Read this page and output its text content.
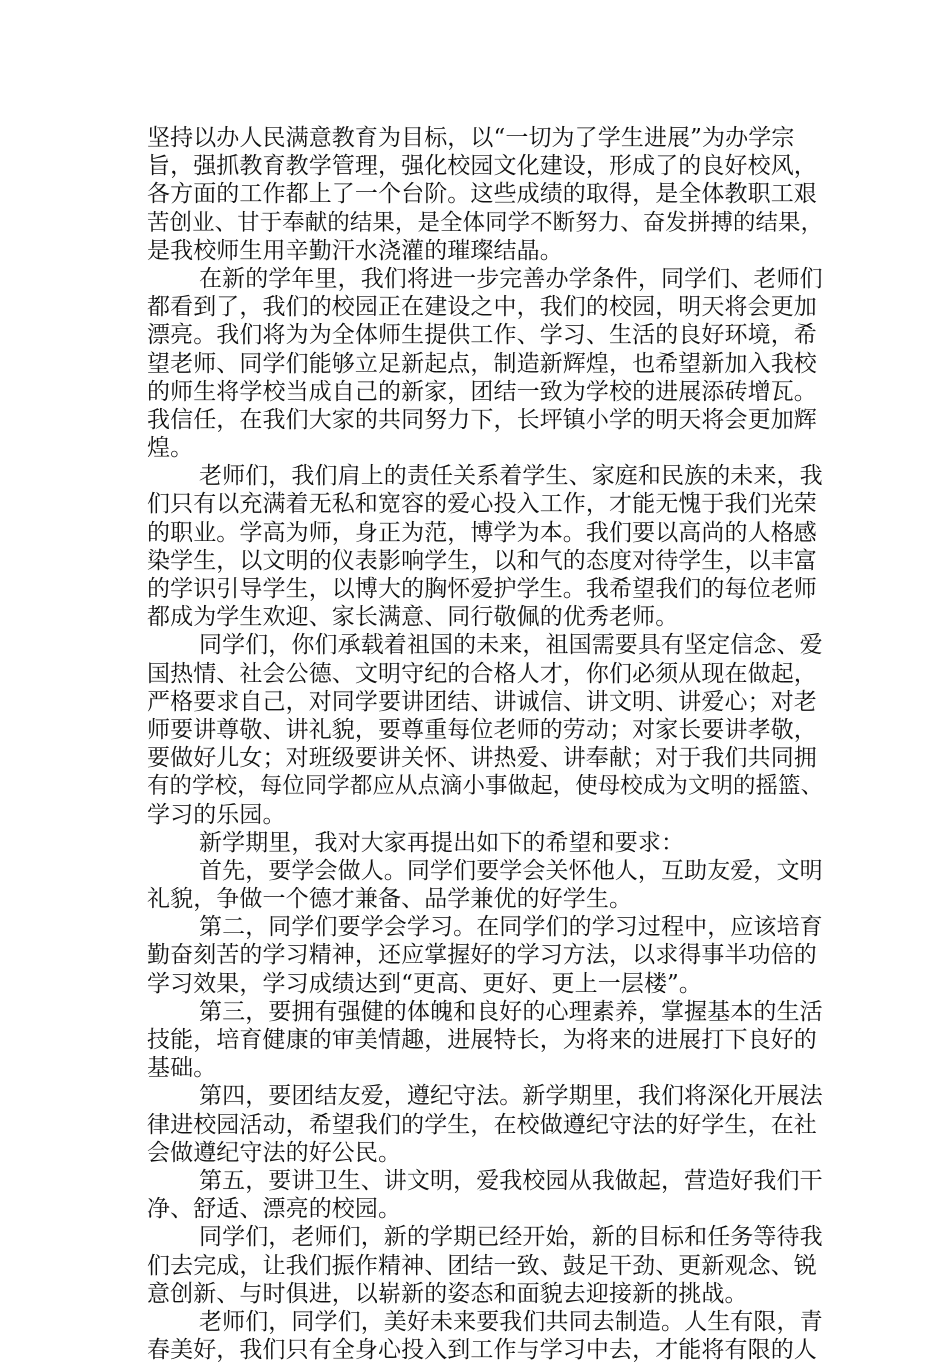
坚持以办人民满意教育为目标，以“一切为了学生进展”为办学宗
旨，强抓教育教学管理，强化校园文化建设，形成了的良好校风，
各方面的工作都上了一个台阶。这些成绩的取得，是全体教职工艰
苦创业、甘于奉献的结果，是全体同学不断努力、奋发拼搏的结果，
是我校师生用辛勤汗水浇灌的璀璨结晶。
在新的学年里，我们将进一步完善办学条件，同学们、老师们
都看到了，我们的校园正在建设之中，我们的校园，明天将会更加
漂亮。我们将为为全体师生提供工作、学习、生活的良好环境，希
望老师、同学们能够立足新起点，制造新辉煌，也希望新加入我校
的师生将学校当成自己的新家，团结一致为学校的进展添砖增瓦。
我信任，在我们大家的共同努力下，长坪镇小学的明天将会更加辉
煌。
老师们，我们肩上的责任关系着学生、家庭和民族的未来，我
们只有以充满着无私和宽容的爱心投入工作，才能无愧于我们光荣
的职业。学高为师，身正为范，博学为本。我们要以高尚的人格感
染学生，以文明的仪表影响学生，以和气的态度对待学生，以丰富
的学识引导学生，以博大的胸怀爱护学生。我希望我们的每位老师
都成为学生欢迎、家长满意、同行敬佩的优秀老师。
同学们，你们承载着祖国的未来，祖国需要具有坚定信念、爱
国热情、社会公德、文明守纪的合格人才，你们必须从现在做起，
严格要求自己，对同学要讲团结、讲诚信、讲文明、讲爱心；对老
师要讲尊敬、讲礼貌，要尊重每位老师的劳动；对家长要讲孝敬，
要做好儿女；对班级要讲关怀、讲热爱、讲奉献；对于我们共同拥
有的学校，每位同学都应从点滴小事做起，使母校成为文明的摇篮、
学习的乐园。
新学期里，我对大家再提出如下的希望和要求：
首先，要学会做人。同学们要学会关怀他人，互助友爱，文明
礼貌，争做一个德才兼备、品学兼优的好学生。
第二，同学们要学会学习。在同学们的学习过程中，应该培育
勤奋刻苦的学习精神，还应掌握好的学习方法，以求得事半功倍的
学习效果，学习成绩达到“更高、更好、更上一层楼”。
第三，要拥有强健的体魄和良好的心理素养，掌握基本的生活
技能，培育健康的审美情趣，进展特长，为将来的进展打下良好的
基础。
第四，要团结友爱，遵纪守法。新学期里，我们将深化开展法
律进校园活动，希望我们的学生，在校做遵纪守法的好学生，在社
会做遵纪守法的好公民。
第五，要讲卫生、讲文明，爱我校园从我做起，营造好我们干
净、舒适、漂亮的校园。
同学们，老师们，新的学期已经开始，新的目标和任务等待我
们去完成，让我们振作精神、团结一致、鼓足干劲、更新观念、锐
意创新、与时俱进，以崭新的姿态和面貌去迎接新的挑战。
老师们，同学们，美好未来要我们共同去制造。人生有限，青
春美好，我们只有全身心投入到工作与学习中去，才能将有限的人
